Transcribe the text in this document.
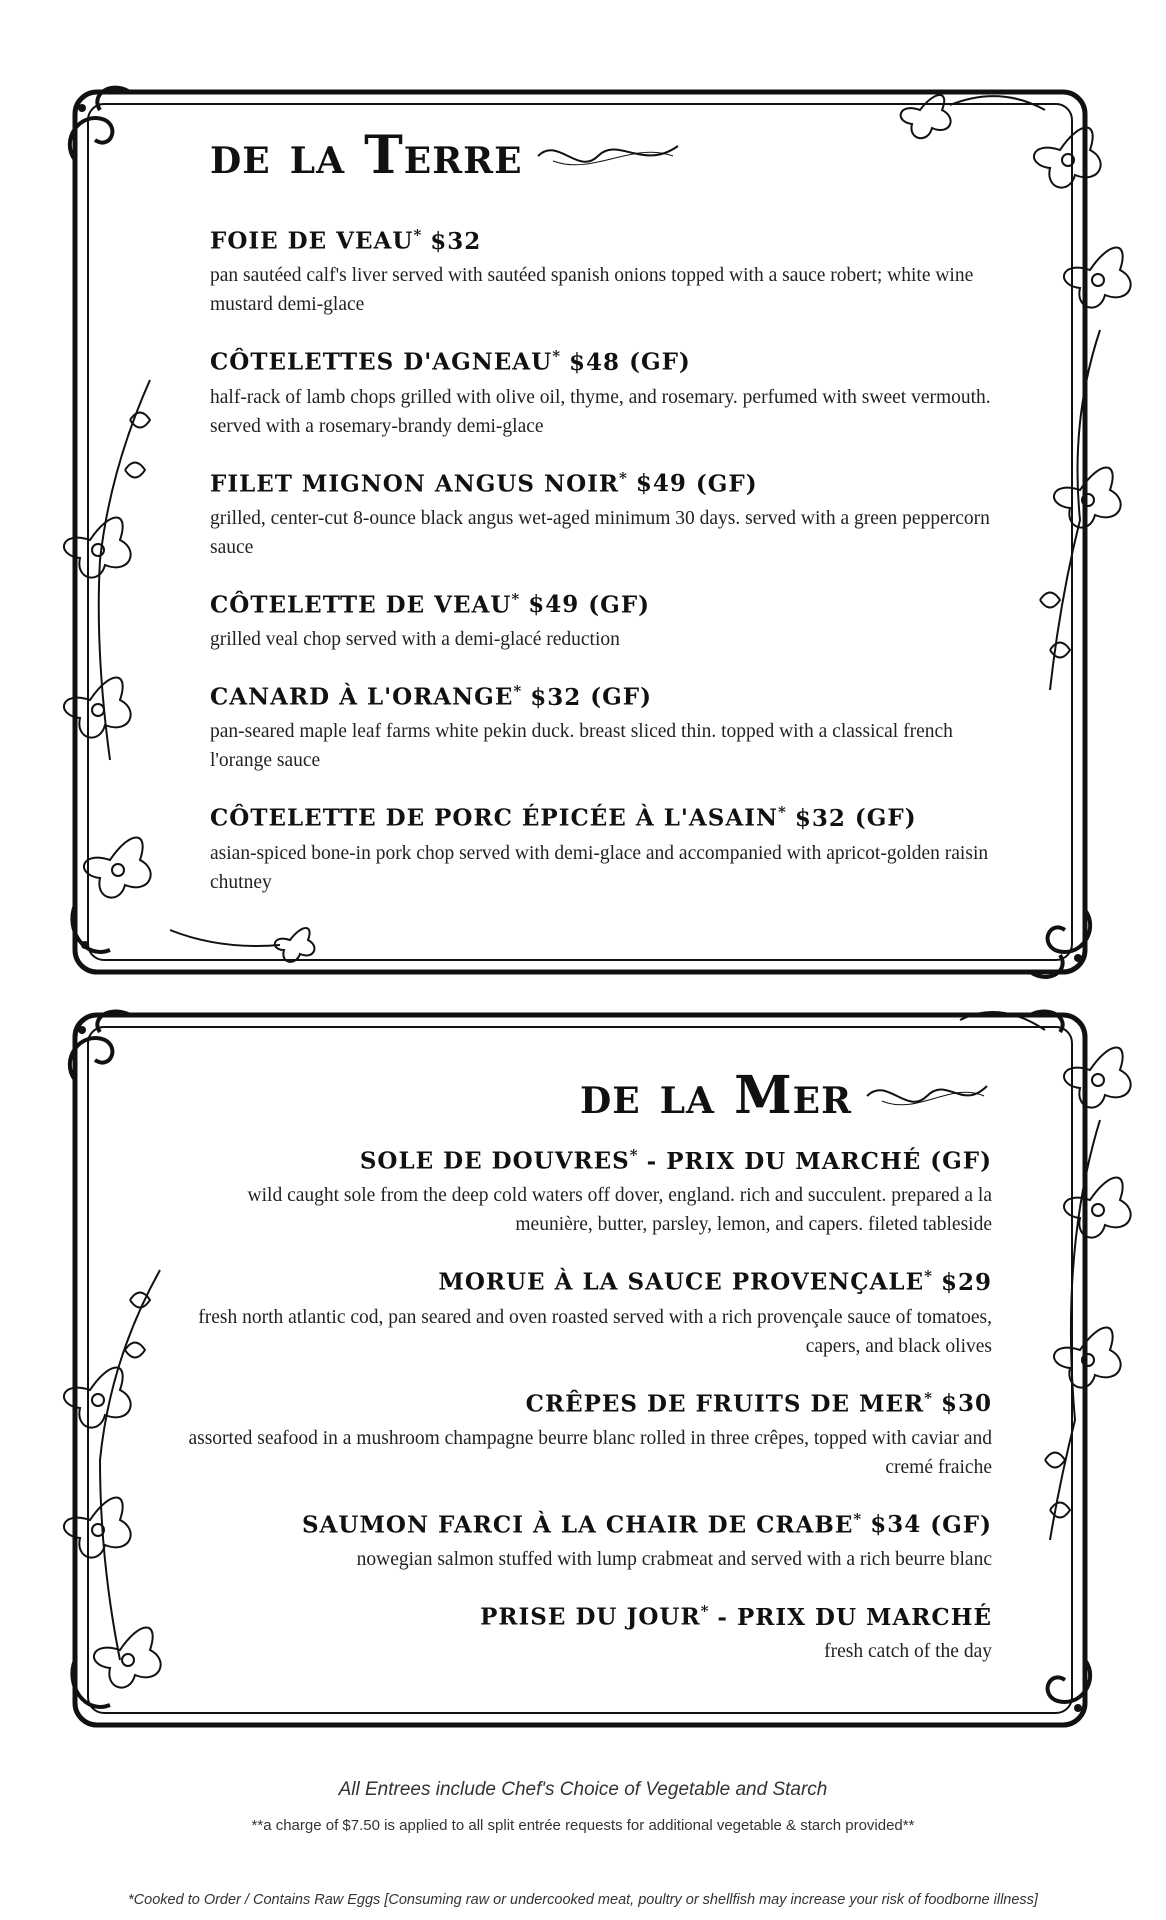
de la Terre

FOIE DE VEAU* $32

pan sautéed calf's liver served with sautéed spanish onions topped with a sauce robert; white wine mustard demi-glace

CÔTELETTES D'AGNEAU* $48 (GF)

half-rack of lamb chops grilled with olive oil, thyme, and rosemary. perfumed with sweet vermouth. served with a rosemary-brandy demi-glace

FILET MIGNON ANGUS NOIR* $49 (GF)

grilled, center-cut 8-ounce black angus wet-aged minimum 30 days. served with a green peppercorn sauce

CÔTELETTE DE VEAU* $49 (GF)

grilled veal chop served with a demi-glacé reduction

CANARD À L'ORANGE* $32 (GF)

pan-seared maple leaf farms white pekin duck. breast sliced thin. topped with a classical french l'orange sauce

CÔTELETTE DE PORC ÉPICÉE À L'ASAIN* $32 (GF)

asian-spiced bone-in pork chop served with demi-glace and accompanied with apricot-golden raisin chutney

de la Mer

SOLE DE DOUVRES* - PRIX DU MARCHÉ (GF)

wild caught sole from the deep cold waters off dover, england. rich and succulent. prepared a la meunière, butter, parsley, lemon, and capers. fileted tableside

MORUE À LA SAUCE PROVENÇALE* $29

fresh north atlantic cod, pan seared and oven roasted served with a rich provençale sauce of tomatoes, capers, and black olives

CRÊPES DE FRUITS DE MER* $30

assorted seafood in a mushroom champagne beurre blanc rolled in three crêpes, topped with caviar and cremé fraiche

SAUMON FARCI À LA CHAIR DE CRABE* $34 (GF)

nowegian salmon stuffed with lump crabmeat and served with a rich beurre blanc

PRISE DU JOUR* - PRIX DU MARCHÉ

fresh catch of the day

All Entrees include Chef's Choice of Vegetable and Starch

**a charge of $7.50 is applied to all split entrée requests for additional vegetable & starch provided**

*Cooked to Order / Contains Raw Eggs [Consuming raw or undercooked meat, poultry or shellfish may increase your risk of foodborne illness]
